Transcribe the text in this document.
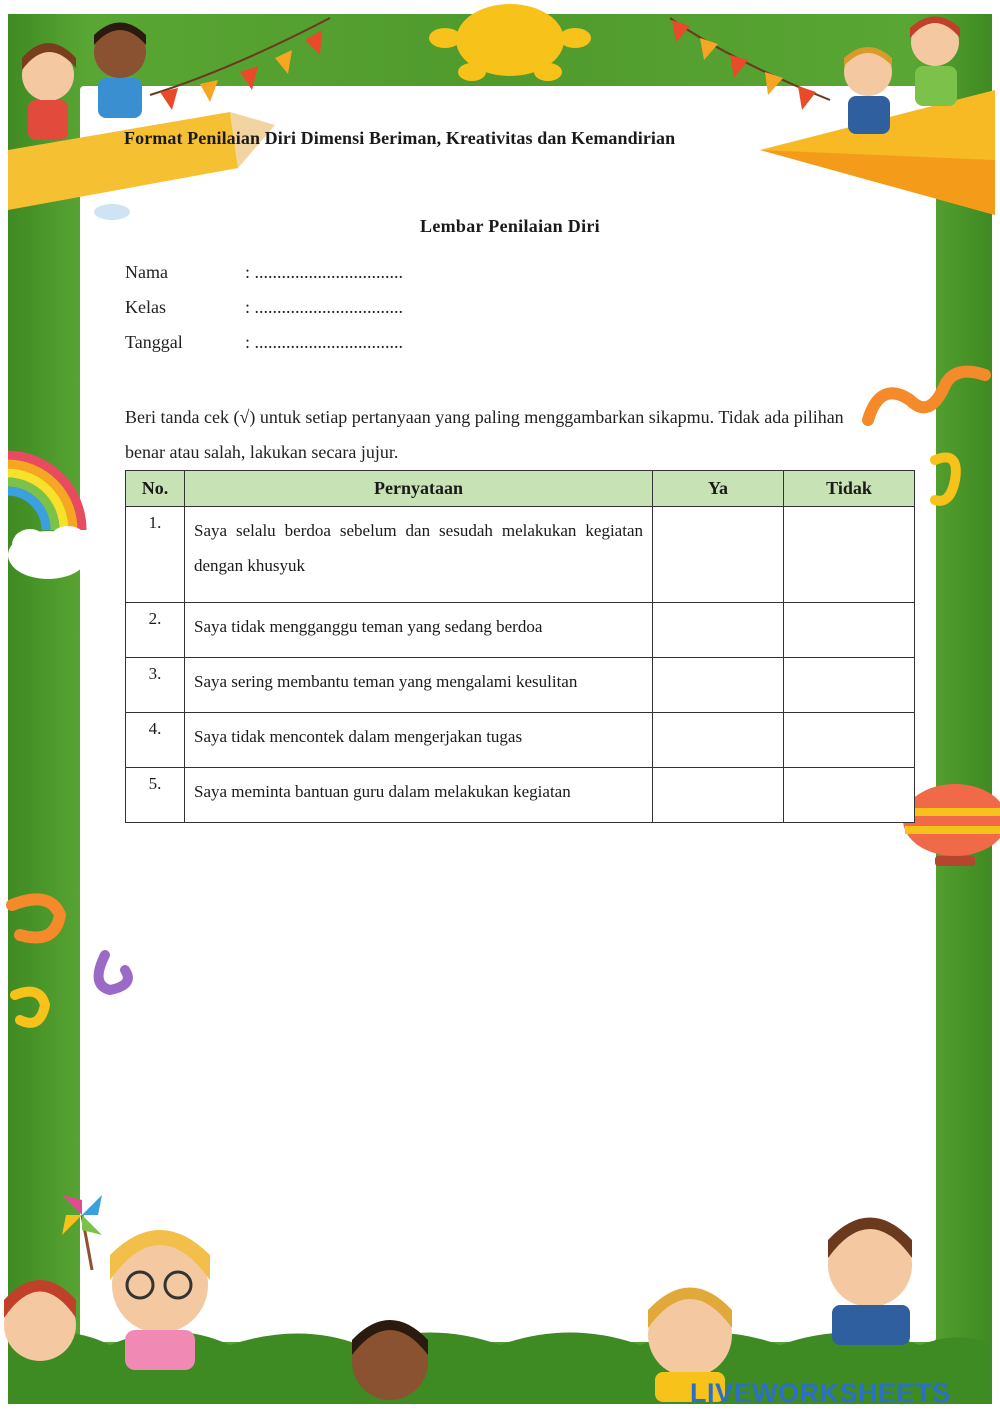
Format Penilaian Diri Dimensi Beriman, Kreativitas dan Kemandirian
Lembar Penilaian Diri
Nama	: .................................
Kelas	: .................................
Tanggal	: .................................
Beri tanda cek (√) untuk setiap pertanyaan yang paling menggambarkan sikapmu. Tidak ada pilihan benar atau salah, lakukan secara jujur.
No.	Pernyataan	Ya	Tidak
1.	Saya selalu berdoa sebelum dan sesudah melakukan kegiatan dengan khusyuk		
2.	Saya tidak mengganggu teman yang sedang berdoa		
3.	Saya sering membantu teman yang mengalami kesulitan		
4.	Saya tidak mencontek dalam mengerjakan tugas		
5.	Saya meminta bantuan guru dalam melakukan kegiatan		
LIVEWORKSHEETS
